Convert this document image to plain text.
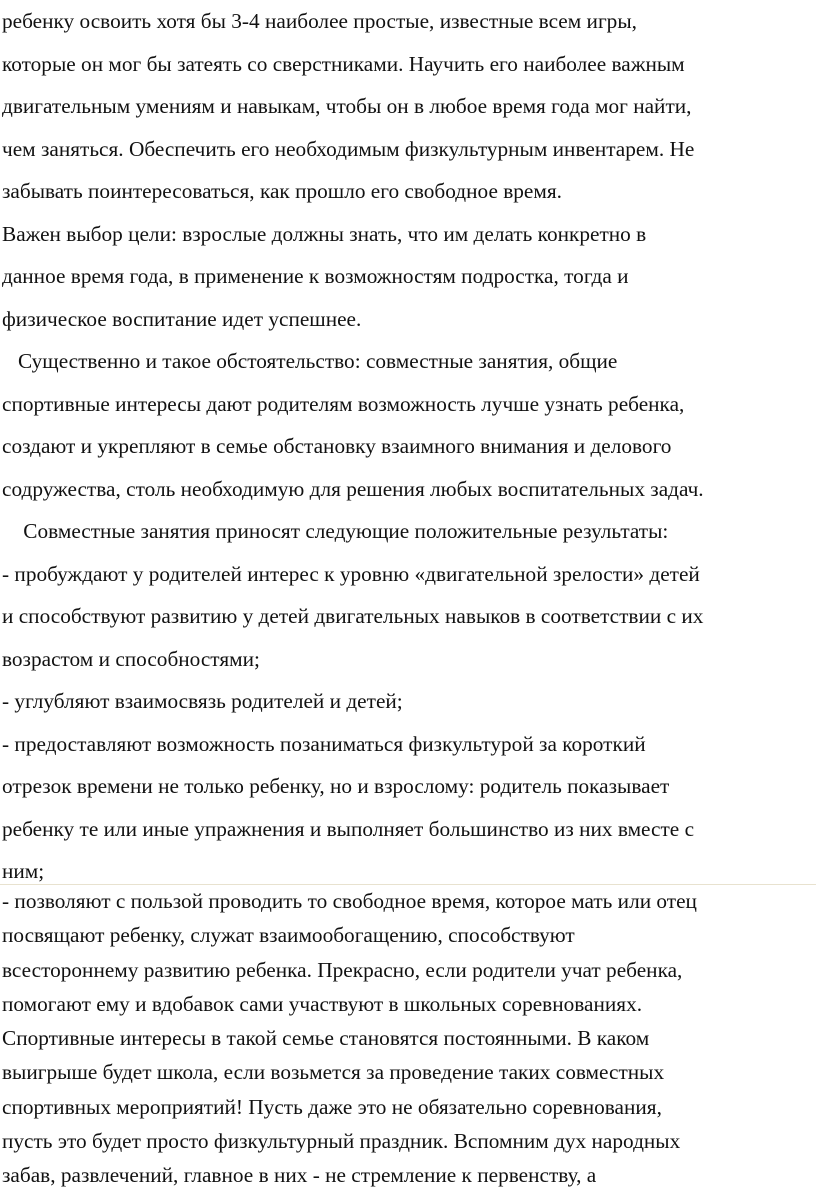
ребенку освоить хотя бы 3-4 наиболее простые, известные всем игры,
которые он мог бы затеять со сверстниками. Научить его наиболее важным
двигательным умениям и навыкам, чтобы он в любое время года мог найти,
чем заняться. Обеспечить его необходимым физкультурным инвентарем. Не
забывать поинтересоваться, как прошло его свободное время.
Важен выбор цели: взрослые должны знать, что им делать конкретно в
данное время года, в применение к возможностям подростка, тогда и
физическое воспитание идет успешнее.
Существенно и такое обстоятельство: совместные занятия, общие
спортивные интересы дают родителям возможность лучше узнать ребенка,
создают и укрепляют в семье обстановку взаимного внимания и делового
содружества, столь необходимую для решения любых воспитательных задач.
Совместные занятия приносят следующие положительные результаты:
- пробуждают у родителей интерес к уровню «двигательной зрелости» детей
и способствуют развитию у детей двигательных навыков в соответствии с их
возрастом и способностями;
- углубляют взаимосвязь родителей и детей;
- предоставляют возможность позаниматься физкультурой за короткий
отрезок времени не только ребенку, но и взрослому: родитель показывает
ребенку те или иные упражнения и выполняет большинство из них вместе с
ним;
- позволяют с пользой проводить то свободное время, которое мать или отец
посвящают ребенку, служат взаимообогащению, способствуют
всестороннему развитию ребенка. Прекрасно, если родители учат ребенка,
помогают ему и вдобавок сами участвуют в школьных соревнованиях.
Спортивные интересы в такой семье становятся постоянными. В каком
выигрыше будет школа, если возьмется за проведение таких совместных
спортивных мероприятий! Пусть даже это не обязательно соревнования,
пусть это будет просто физкультурный праздник. Вспомним дух народных
забав, развлечений, главное в них - не стремление к первенству, а
